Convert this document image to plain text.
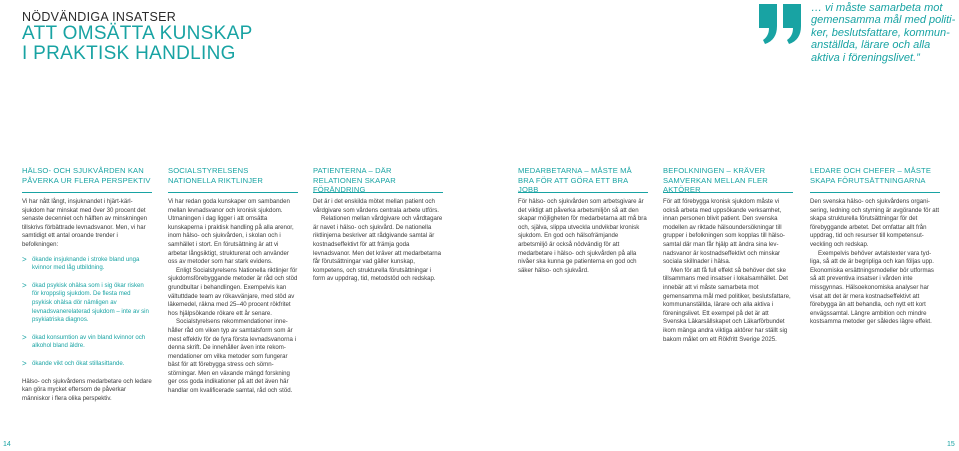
NÖDVÄNDIGA INSATSER
ATT OMSÄTTA KUNSKAP
I PRAKTISK HANDLING
… vi måste samarbeta mot gemensamma mål med politiker, beslutsfattare, kommunanställda, lärare och alla aktiva i föreningslivet.”
HÄLSO- OCH SJUKVÅRDEN KAN PÅVERKA UR FLERA PERSPEKTIV

Vi har nått långt, insjuknandet i hjärt-kärlsjukdom har minskat med över 30 procent det senaste decenniet och hälften av minskningen tillskrivs förbättrade levnadsvanor. Men, vi har samtidigt ett antal oroande trender i befolkningen:

> ökande insjuknande i stroke bland unga kvinnor med låg utbildning.
> ökad psykisk ohälsa som i sig ökar risken för kroppslig sjukdom. De flesta med psykisk ohälsa dör nämligen av levnadsvanerelaterad sjukdom – inte av sin psykiatriska diagnos.
> ökad konsumtion av vin bland kvinnor och alkohol bland äldre.
> ökande vikt och ökat stillasittande.

Hälso- och sjukvårdens medarbetare och ledare kan göra mycket eftersom de påverkar människor i flera olika perspektiv.

SOCIALSTYRELSENS NATIONELLA RIKTLINJER

Vi har redan goda kunskaper om sambanden mellan levnadsvanor och kronisk sjukdom. Utmaningen i dag ligger i att omsätta kunskaperna i praktisk handling på alla arenor, inom hälso- och sjukvården, i skolan och i samhället i stort. En förutsättning är att vi arbetar långsiktigt, strukturerat och använder oss av metoder som har stark evidens.

Enligt Socialstyrelsens Nationella riktlinjer för sjukdomsförebyggande metoder är råd och stöd grundbultar i behandlingen. Exempelvis kan vältuttdade team av rökavvänjare, med stöd av läkemedel, räkna med 25–40 procent rökfritet hos hjälpsökande rökare ett år senare.

Socialstyrelsens rekommendationer innehåller råd om viken typ av samtalsform som är mest effektiv för de fyra första levnadsvanorna i denna skrift. De innehåller även inte rekommendationer om vilka metoder som fungerar bäst för att förebygga stress och sömnstörningar. Men en växande mängd forskning ger oss goda indikationer på att det även här handlar om kvalificerade samtal, råd och stöd.

PATIENTERNA – DÄR RELATIONEN SKAPAR FÖRÄNDRING

Det är i det enskilda mötet mellan patient och vårdgivare som vårdens centrala arbete utförs.

Relationen mellan vårdgivare och vårdtagare är navet i hälso- och sjukvård. De nationella riktlinjerna beskriver att rådgivande samtal är kostnadseffektivt för att främja goda levnadsvanor. Men det kräver att medarbetarna får förutsättningar vad gäller kunskap, kompetens, och strukturella förutsättningar i form av uppdrag, tid, metodstöd och redskap.

MEDARBETARNA – MÅSTE MÅ BRA FÖR ATT GÖRA ETT BRA JOBB

För hälso- och sjukvården som arbetsgivare är det viktigt att påverka arbetsmiljön så att den skapar möjligheten för medarbetarna att må bra och, själva, slippa utveckla undvikbar kronisk sjukdom. En god och hälsofrämjande arbetsmiljö är också nödvändig för att medarbetare i hälso- och sjukvården på alla nivåer ska kunna ge patienterna en god och säker hälso- och sjukvård.

BEFOLKNINGEN – KRÄVER SAMVERKAN MELLAN FLER AKTÖRER

För att förebygga kronisk sjukdom måste vi också arbeta med uppsökande verksamhet, innan personen blivit patient. Den svenska modellen av riktade hälsoundersökningar till grupper i befolkningen som kopplas till hälsosamtal där man får hjälp att ändra sina levnadsvanor är kostnadseffektivt och minskar sociala skillnader i hälsa.

Men för att få full effekt så behöver det ske tillsammans med insatser i lokalsamhället. Det innebär att vi måste samarbeta mot gemensamma mål med politiker, beslutsfattare, kommunanställda, lärare och alla aktiva i föreningslivet. Ett exempel på det är att Svenska Läkarsällskapet och Läkarförbundet ikom mänga andra viktiga aktörer har ställt sig bakom målet om ett Rökfritt Sverige 2025.

LEDARE OCH CHEFER – MÅSTE SKAPA FÖRUTSÄTTNINGARNA

Den svenska hälso- och sjukvårdens organisering, ledning och styrning är avgörande för att skapa strukturella förutsättningar för det förebyggande arbetet. Det omfattar allt från uppdrag, tid och resurser till kompetensutveckling och redskap.

Exempelvis behöver avtalstexter vara tydliga, så att de är begripliga och kan följas upp. Ekonomiska ersättningsmodeller bör utformas så att preventiva insatser i vården inte missgynnas. Hälsoekonomiska analyser har visat att det är mera kostnadseffektivt att förebygga än att behandla, och nytt ett kort envägssamtal. Längre ambition och mindre kostsamma metoder ger således lägre effekt.

14	15
